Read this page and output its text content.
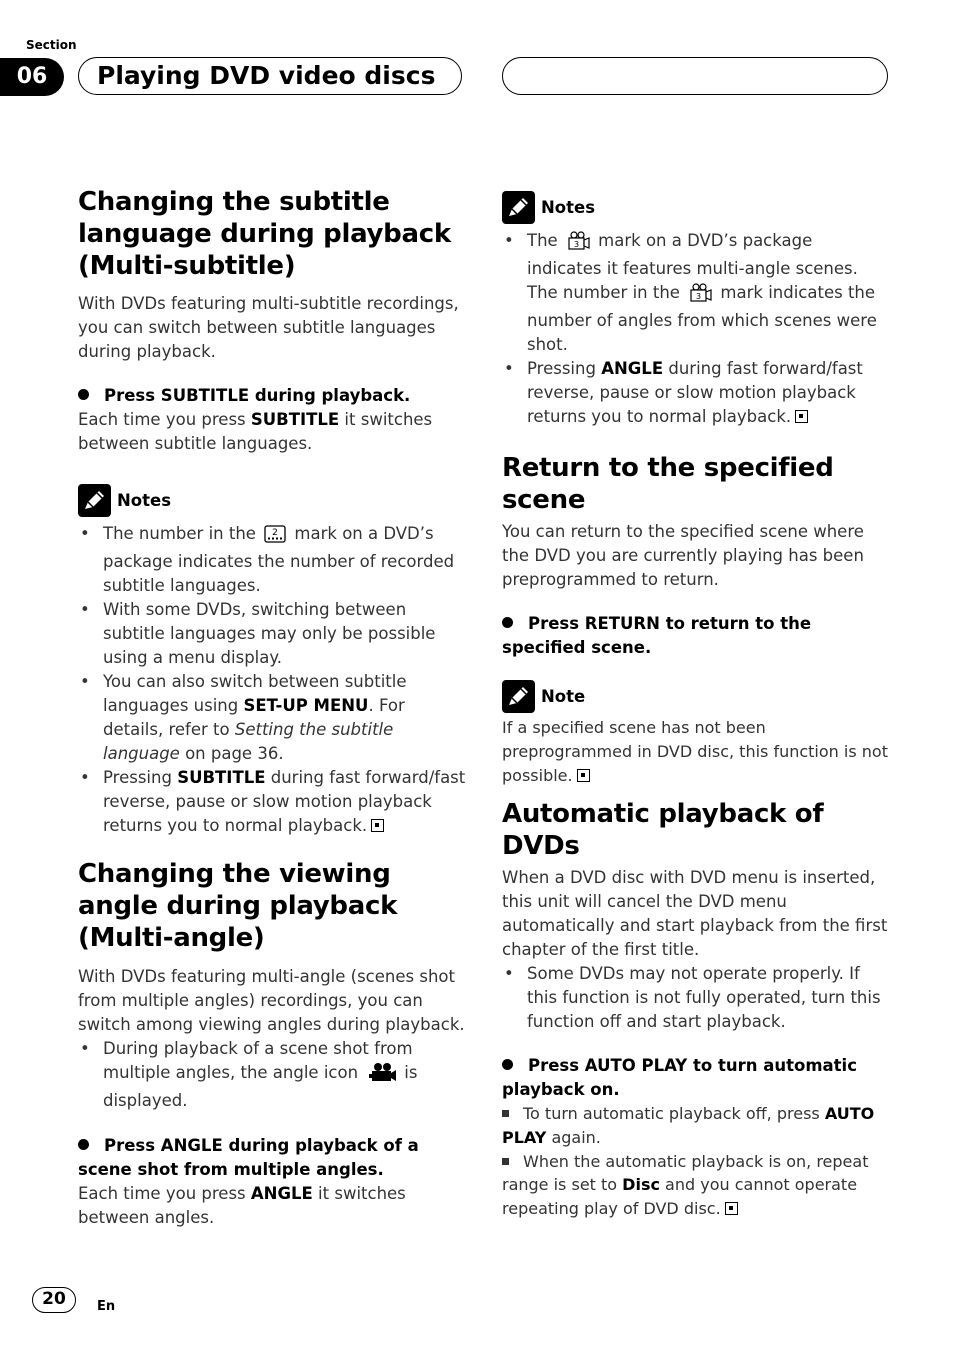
Section
06	Playing DVD video discs
Changing the subtitle language during playback (Multi-subtitle)

With DVDs featuring multi-subtitle recordings, you can switch between subtitle languages during playback.

Press SUBTITLE during playback.

Each time you press SUBTITLE it switches between subtitle languages.

Notes
• The number in the 2 mark on a DVD’s package indicates the number of recorded subtitle languages.
• With some DVDs, switching between subtitle languages may only be possible using a menu display.
• You can also switch between subtitle languages using SET-UP MENU. For details, refer to Setting the subtitle language on page 36.
• Pressing SUBTITLE during fast forward/fast reverse, pause or slow motion playback returns you to normal playback.
Changing the viewing angle during playback (Multi-angle)

With DVDs featuring multi-angle (scenes shot from multiple angles) recordings, you can switch among viewing angles during playback.

• During playback of a scene shot from multiple angles, the angle icon is displayed.
Press ANGLE during playback of a scene shot from multiple angles.

Each time you press ANGLE it switches between angles.

Notes
• The 3 mark on a DVD’s package indicates it features multi-angle scenes. The number in the 3 mark indicates the number of angles from which scenes were shot.
• Pressing ANGLE during fast forward/fast reverse, pause or slow motion playback returns you to normal playback.
Return to the specified scene

You can return to the specified scene where the DVD you are currently playing has been preprogrammed to return.

Press RETURN to return to the specified scene.
Note

If a specified scene has not been preprogrammed in DVD disc, this function is not possible.

Automatic playback of DVDs

When a DVD disc with DVD menu is inserted, this unit will cancel the DVD menu automatically and start playback from the first chapter of the first title.

• Some DVDs may not operate properly. If this function is not fully operated, turn this function off and start playback.
Press AUTO PLAY to turn automatic playback on.

To turn automatic playback off, press AUTO PLAY again.

When the automatic playback is on, repeat range is set to Disc and you cannot operate repeating play of DVD disc.

20	En
